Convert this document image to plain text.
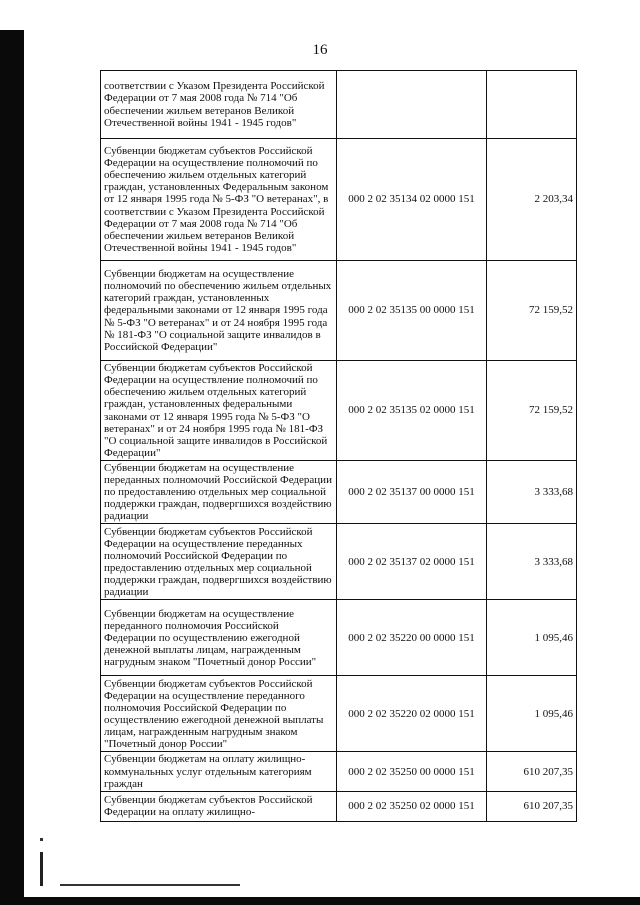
16
соответствии с Указом Президента Российской Федерации от 7 мая 2008 года № 714 "Об обеспечении жильем ветеранов Великой Отечественной войны 1941 - 1945 годов"		
Субвенции бюджетам субъектов Российской Федерации на осуществление полномочий по обеспечению жильем отдельных категорий граждан, установленных Федеральным законом от 12 января 1995 года № 5-ФЗ "О ветеранах", в соответствии с Указом Президента Российской Федерации от 7 мая 2008 года № 714 "Об обеспечении жильем ветеранов Великой Отечественной войны 1941 - 1945 годов"	000 2 02 35134 02 0000 151	2 203,34
Субвенции бюджетам на осуществление полномочий по обеспечению жильем отдельных категорий граждан, установленных федеральными законами от 12 января 1995 года № 5-ФЗ "О ветеранах" и от 24 ноября 1995 года № 181-ФЗ "О социальной защите инвалидов в Российской Федерации"	000 2 02 35135 00 0000 151	72 159,52
Субвенции бюджетам субъектов Российской Федерации на осуществление полномочий по обеспечению жильем отдельных категорий граждан, установленных федеральными законами от 12 января 1995 года № 5-ФЗ "О ветеранах" и от 24 ноября 1995 года № 181-ФЗ "О социальной защите инвалидов в Российской Федерации"	000 2 02 35135 02 0000 151	72 159,52
Субвенции бюджетам на осуществление переданных полномочий Российской Федерации по предоставлению отдельных мер социальной поддержки граждан, подвергшихся воздействию радиации	000 2 02 35137 00 0000 151	3 333,68
Субвенции бюджетам субъектов Российской Федерации на осуществление переданных полномочий Российской Федерации по предоставлению отдельных мер социальной поддержки граждан, подвергшихся воздействию радиации	000 2 02 35137 02 0000 151	3 333,68
Субвенции бюджетам на осуществление переданного полномочия Российской Федерации по осуществлению ежегодной денежной выплаты лицам, награжденным нагрудным знаком "Почетный донор России"	000 2 02 35220 00 0000 151	1 095,46
Субвенции бюджетам субъектов Российской Федерации на осуществление переданного полномочия Российской Федерации по осуществлению ежегодной денежной выплаты лицам, награжденным нагрудным знаком "Почетный донор России"	000 2 02 35220 02 0000 151	1 095,46
Субвенции бюджетам на оплату жилищно-коммунальных услуг отдельным категориям граждан	000 2 02 35250 00 0000 151	610 207,35
Субвенции бюджетам субъектов Российской Федерации на оплату жилищно-	000 2 02 35250 02 0000 151	610 207,35
